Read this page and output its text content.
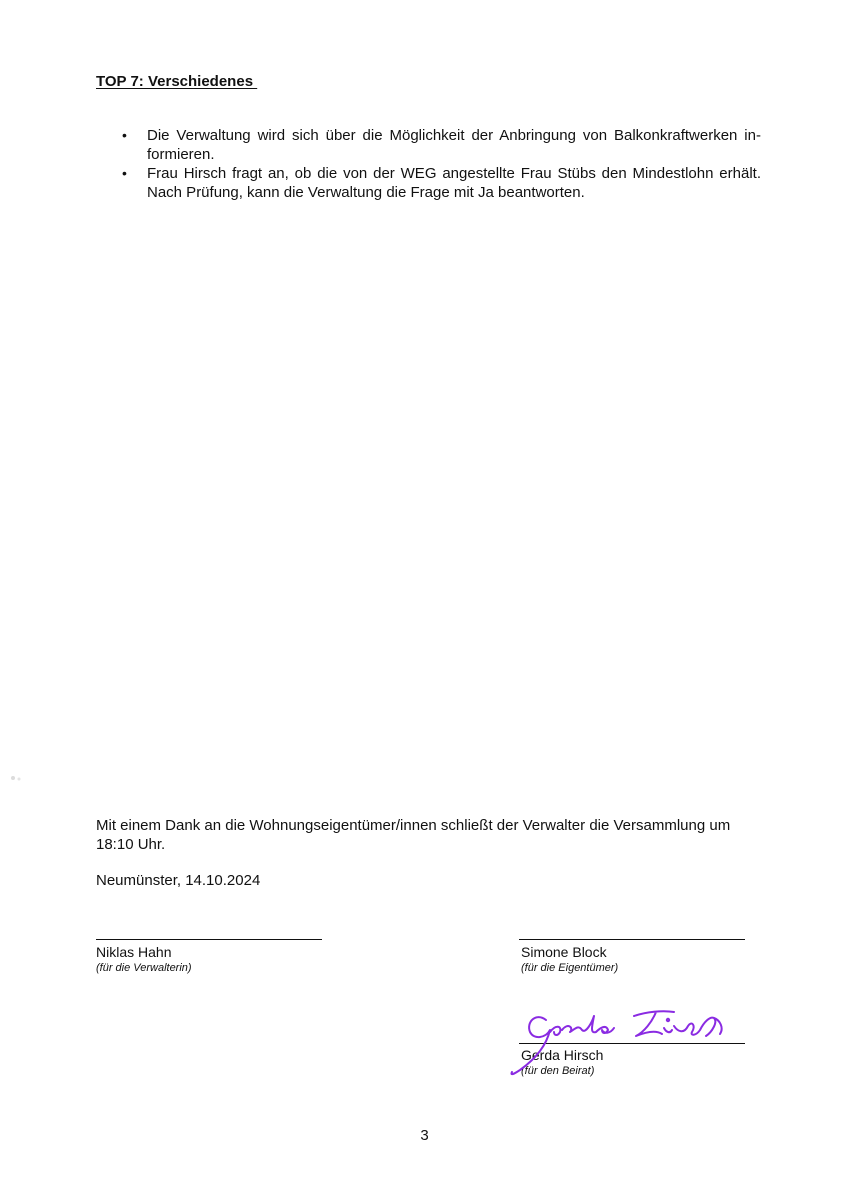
TOP 7: Verschiedenes
• Die Verwaltung wird sich über die Möglichkeit der Anbringung von Balkonkraftwerken informieren.
• Frau Hirsch fragt an, ob die von der WEG angestellte Frau Stübs den Mindestlohn erhält. Nach Prüfung, kann die Verwaltung die Frage mit Ja beantworten.
Mit einem Dank an die Wohnungseigentümer/innen schließt der Verwalter die Versammlung um 18:10 Uhr.
Neumünster, 14.10.2024
Niklas Hahn
(für die Verwalterin)
Simone Block
(für die Eigentümer)
Gerda Hirsch
(für den Beirat)
3
